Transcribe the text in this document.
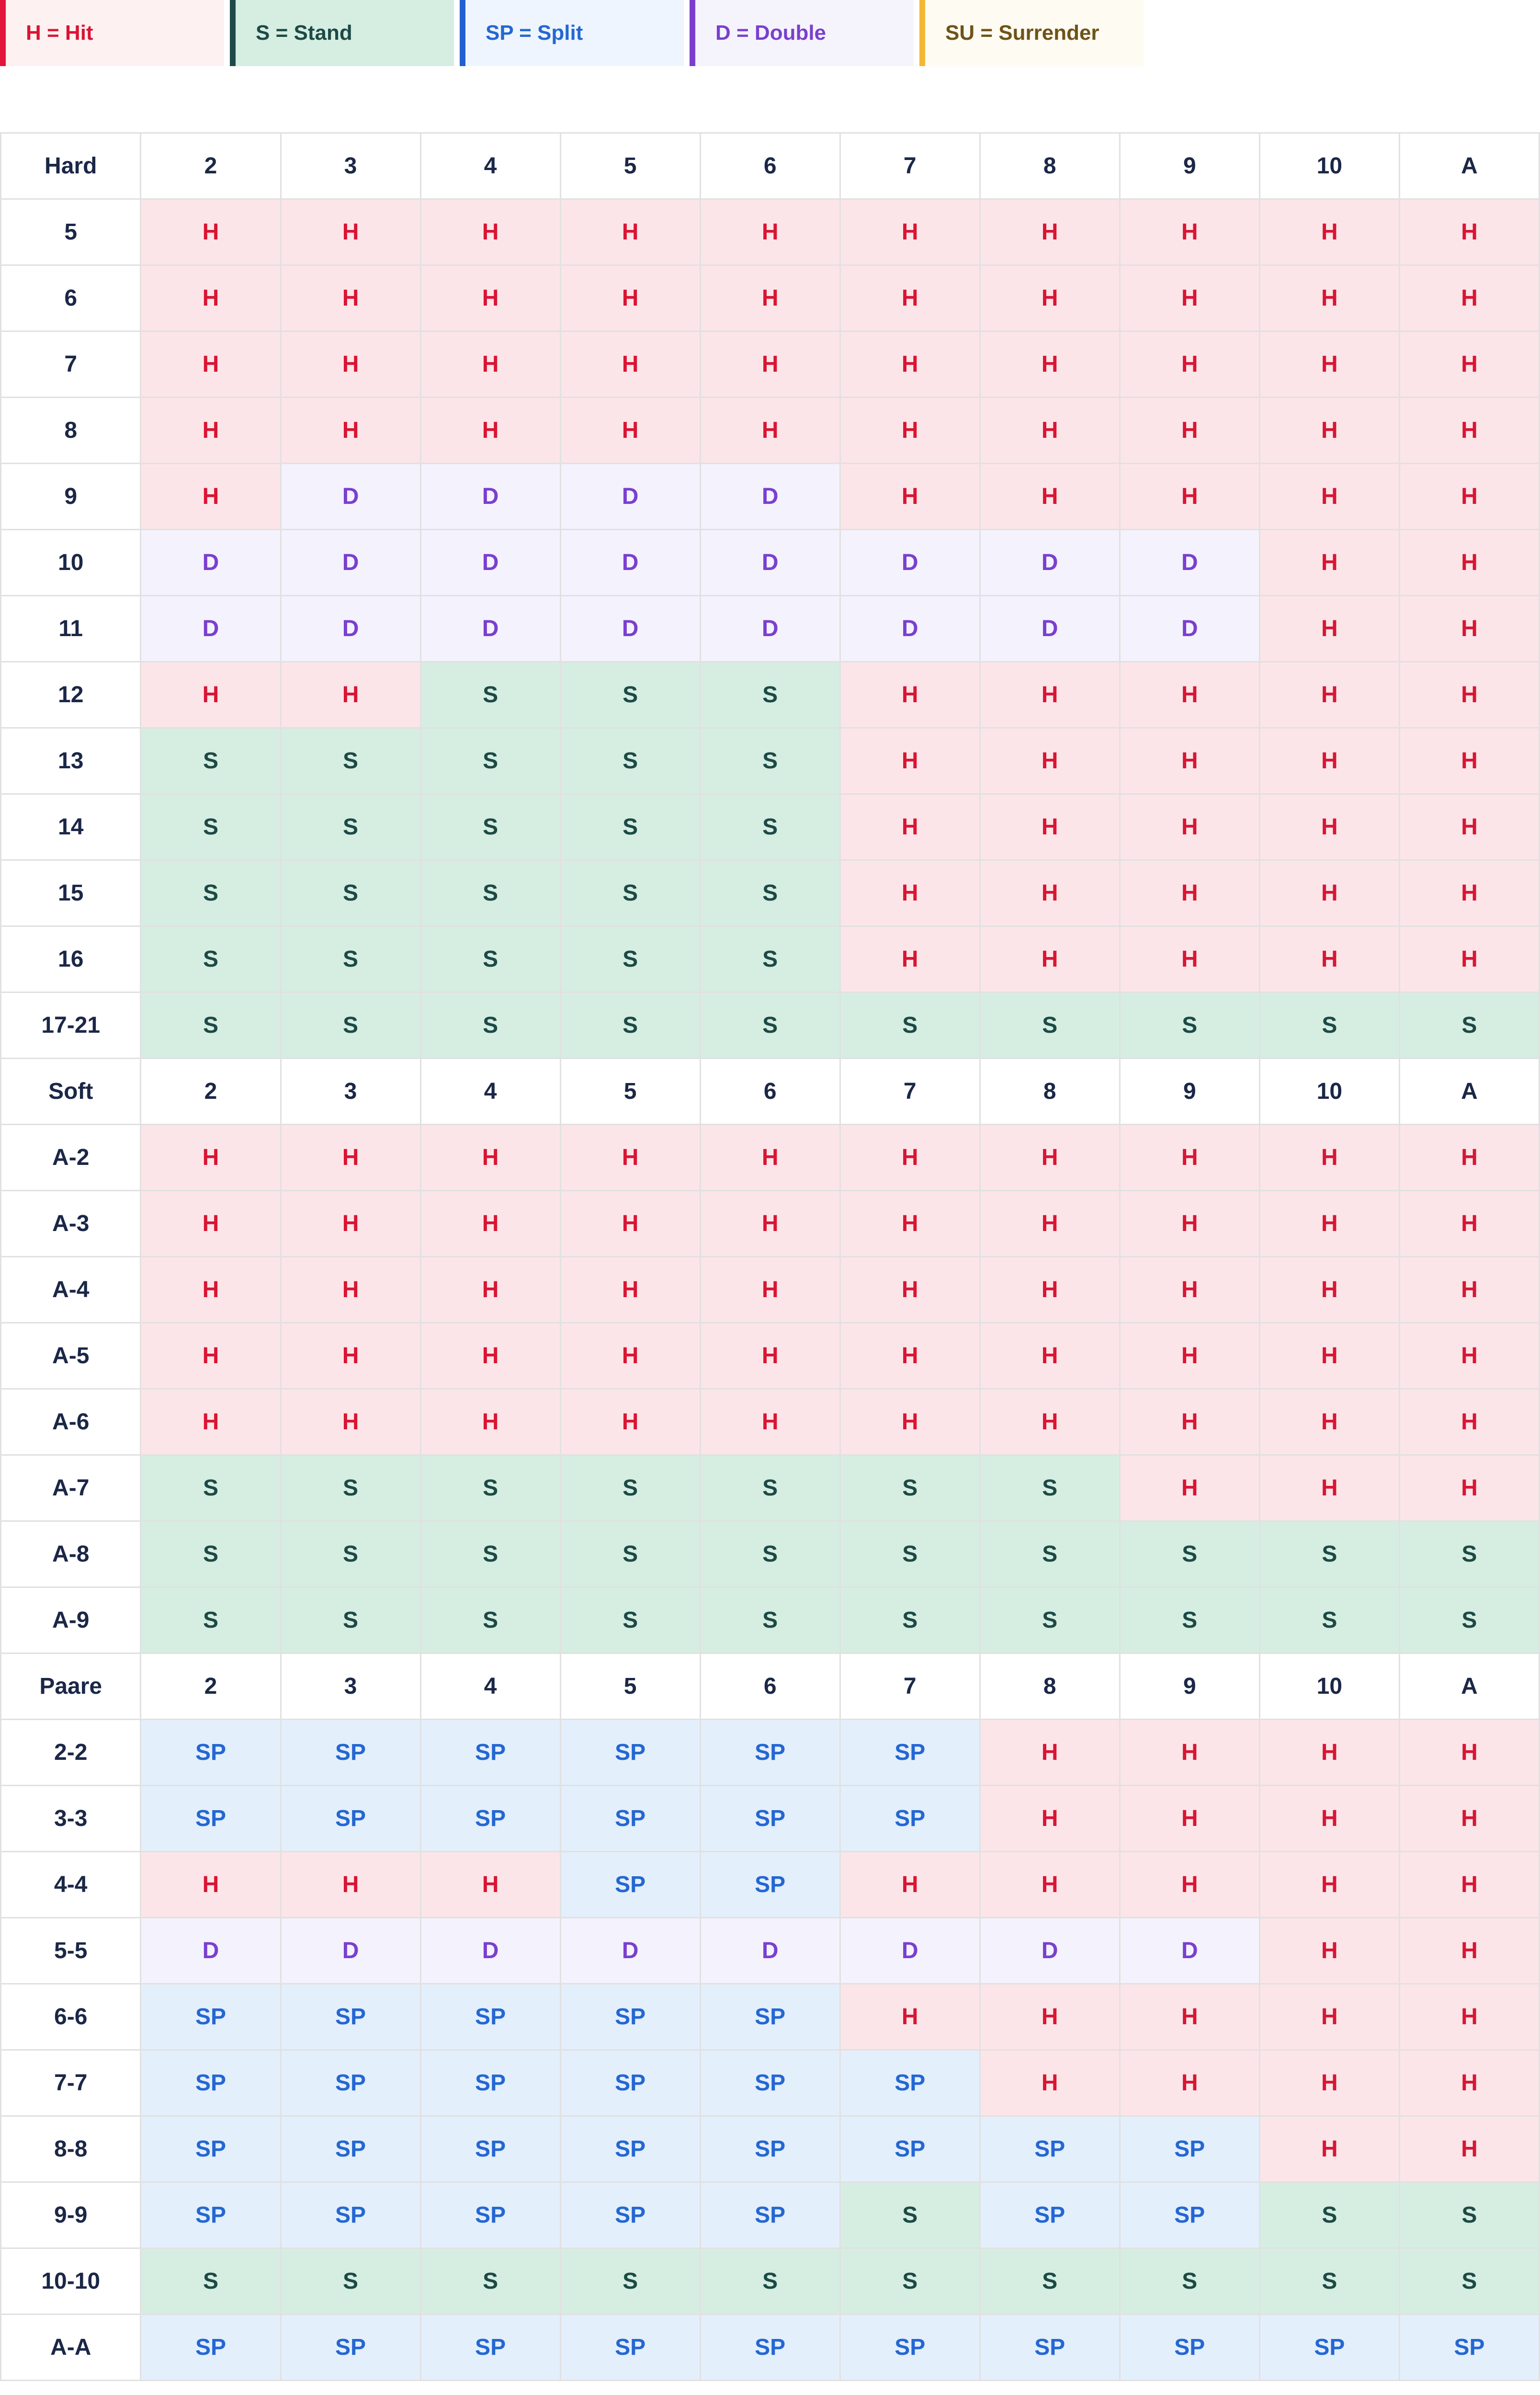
H = Hit	S = Stand	SP = Split	D = Double	SU = Surrender
Hard	2	3	4	5	6	7	8	9	10	A
5	H	H	H	H	H	H	H	H	H	H
6	H	H	H	H	H	H	H	H	H	H
7	H	H	H	H	H	H	H	H	H	H
8	H	H	H	H	H	H	H	H	H	H
9	H	D	D	D	D	H	H	H	H	H
10	D	D	D	D	D	D	D	D	H	H
11	D	D	D	D	D	D	D	D	H	H
12	H	H	S	S	S	H	H	H	H	H
13	S	S	S	S	S	H	H	H	H	H
14	S	S	S	S	S	H	H	H	H	H
15	S	S	S	S	S	H	H	H	H	H
16	S	S	S	S	S	H	H	H	H	H
17-21	S	S	S	S	S	S	S	S	S	S
Soft	2	3	4	5	6	7	8	9	10	A
A-2	H	H	H	H	H	H	H	H	H	H
A-3	H	H	H	H	H	H	H	H	H	H
A-4	H	H	H	H	H	H	H	H	H	H
A-5	H	H	H	H	H	H	H	H	H	H
A-6	H	H	H	H	H	H	H	H	H	H
A-7	S	S	S	S	S	S	S	H	H	H
A-8	S	S	S	S	S	S	S	S	S	S
A-9	S	S	S	S	S	S	S	S	S	S
Paare	2	3	4	5	6	7	8	9	10	A
2-2	SP	SP	SP	SP	SP	SP	H	H	H	H
3-3	SP	SP	SP	SP	SP	SP	H	H	H	H
4-4	H	H	H	SP	SP	H	H	H	H	H
5-5	D	D	D	D	D	D	D	D	H	H
6-6	SP	SP	SP	SP	SP	H	H	H	H	H
7-7	SP	SP	SP	SP	SP	SP	H	H	H	H
8-8	SP	SP	SP	SP	SP	SP	SP	SP	H	H
9-9	SP	SP	SP	SP	SP	S	SP	SP	S	S
10-10	S	S	S	S	S	S	S	S	S	S
A-A	SP	SP	SP	SP	SP	SP	SP	SP	SP	SP
